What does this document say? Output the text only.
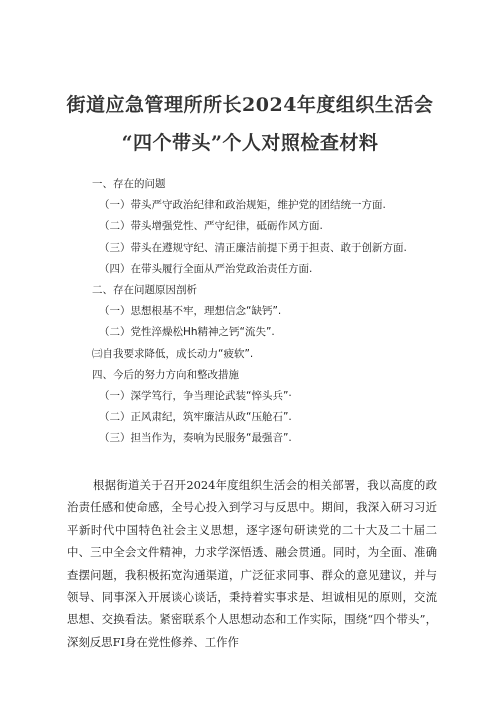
街道应急管理所所长2024年度组织生活会
“四个带头”个人对照检查材料
一、存在的问题
（一）带头严守政治纪律和政治规矩，维护党的团结统一方面.
（二）带头增强党性、严守纪律，砥砺作风方面.
（三）带头在遵规守纪、清正廉洁前提下勇于担责、敢于创新方面.
（四）在带头履行全面从严治党政治责任方面.
二、存在问题原因剖析
（一）思想根基不牢，理想信念“缺钙”.
（二）党性淬燥松Hh精神之钙“流失”.
㈢自我要求降低，成长动力“疲软”.
四、今后的努力方向和整改措施
（一）深学笃行，争当理论武装“悴头兵”·
（二）正风肃纪，筑牢廉洁从政“压舱石”.
（三）担当作为，奏响为民服务“最强音”.

根据街道关于召开2024年度组织生活会的相关部署，我以高度的政治责任感和使命感，全号心投入到学习与反思中。期间，我深入研习习近平新时代中国特色社会主义思想，逐字逐句研读党的二十大及二十届二中、三中全会文件精神，力求学深悟透、融会贯通。同时，为全面、准确查摆问题，我积极拓宽沟通渠道，广泛征求同事、群众的意见建议，并与领导、同事深入开展谈心谈话，秉持着实事求是、坦诚相见的原则，交流思想、交换看法。紧密联系个人思想动态和工作实际，围绕“四个带头”，深刻反思FI身在党性修养、工作作
